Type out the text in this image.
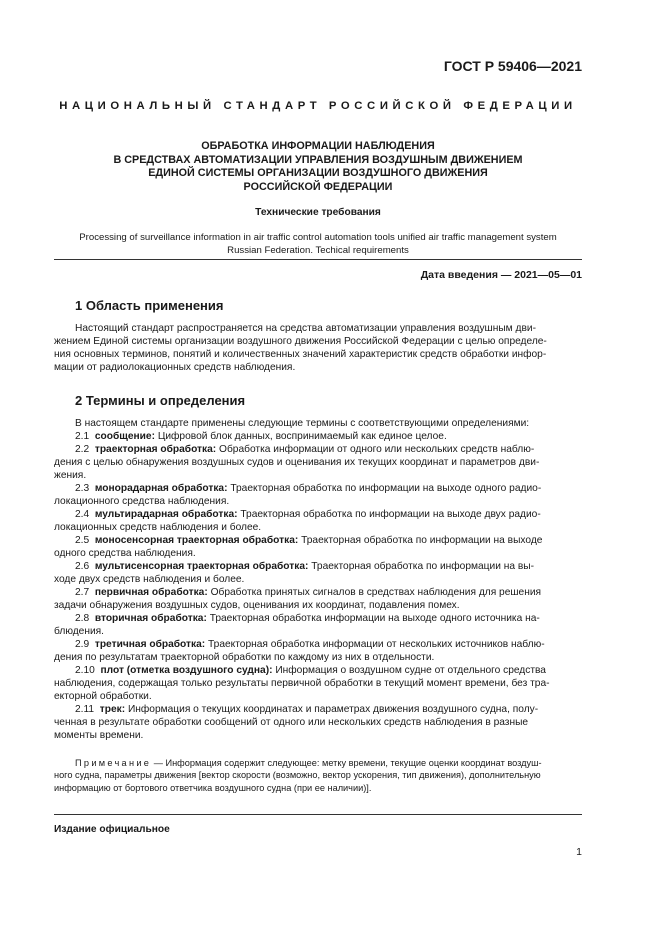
ГОСТ Р 59406—2021
НАЦИОНАЛЬНЫЙ СТАНДАРТ РОССИЙСКОЙ ФЕДЕРАЦИИ
ОБРАБОТКА ИНФОРМАЦИИ НАБЛЮДЕНИЯ
В СРЕДСТВАХ АВТОМАТИЗАЦИИ УПРАВЛЕНИЯ ВОЗДУШНЫМ ДВИЖЕНИЕМ
ЕДИНОЙ СИСТЕМЫ ОРГАНИЗАЦИИ ВОЗДУШНОГО ДВИЖЕНИЯ
РОССИЙСКОЙ ФЕДЕРАЦИИ
Технические требования
Processing of surveillance information in air traffic control automation tools unified air traffic management system
Russian Federation. Techical requirements
Дата введения — 2021—05—01
1 Область применения

Настоящий стандарт распространяется на средства автоматизации управления воздушным дви-
жением Единой системы организации воздушного движения Российской Федерации с целью определе-
ния основных терминов, понятий и количественных значений характеристик средств обработки инфор-
мации от радиолокационных средств наблюдения.

2 Термины и определения

В настоящем стандарте применены следующие термины с соответствующими определениями:

2.1 сообщение: Цифровой блок данных, воспринимаемый как единое целое.

2.2 траекторная обработка: Обработка информации от одного или нескольких средств наблю-
дения с целью обнаружения воздушных судов и оценивания их текущих координат и параметров дви-
жения.

2.3 монорадарная обработка: Траекторная обработка по информации на выходе одного радио-
локационного средства наблюдения.

2.4 мультирадарная обработка: Траекторная обработка по информации на выходе двух радио-
локационных средств наблюдения и более.

2.5 моносенсорная траекторная обработка: Траекторная обработка по информации на выходе
одного средства наблюдения.

2.6 мультисенсорная траекторная обработка: Траекторная обработка по информации на вы-
ходе двух средств наблюдения и более.

2.7 первичная обработка: Обработка принятых сигналов в средствах наблюдения для решения
задачи обнаружения воздушных судов, оценивания их координат, подавления помех.

2.8 вторичная обработка: Траекторная обработка информации на выходе одного источника на-
блюдения.

2.9 третичная обработка: Траекторная обработка информации от нескольких источников наблю-
дения по результатам траекторной обработки по каждому из них в отдельности.

2.10 плот (отметка воздушного судна): Информация о воздушном судне от отдельного средства
наблюдения, содержащая только результаты первичной обработки в текущий момент времени, без тра-
екторной обработки.

2.11 трек: Информация о текущих координатах и параметрах движения воздушного судна, полу-
ченная в результате обработки сообщений от одного или нескольких средств наблюдения в разные
моменты времени.

Примечание — Информация содержит следующее: метку времени, текущие оценки координат воздуш-
ного судна, параметры движения [вектор скорости (возможно, вектор ускорения, тип движения), дополнительную
информацию от бортового ответчика воздушного судна (при ее наличии)].
Издание официальное
1
